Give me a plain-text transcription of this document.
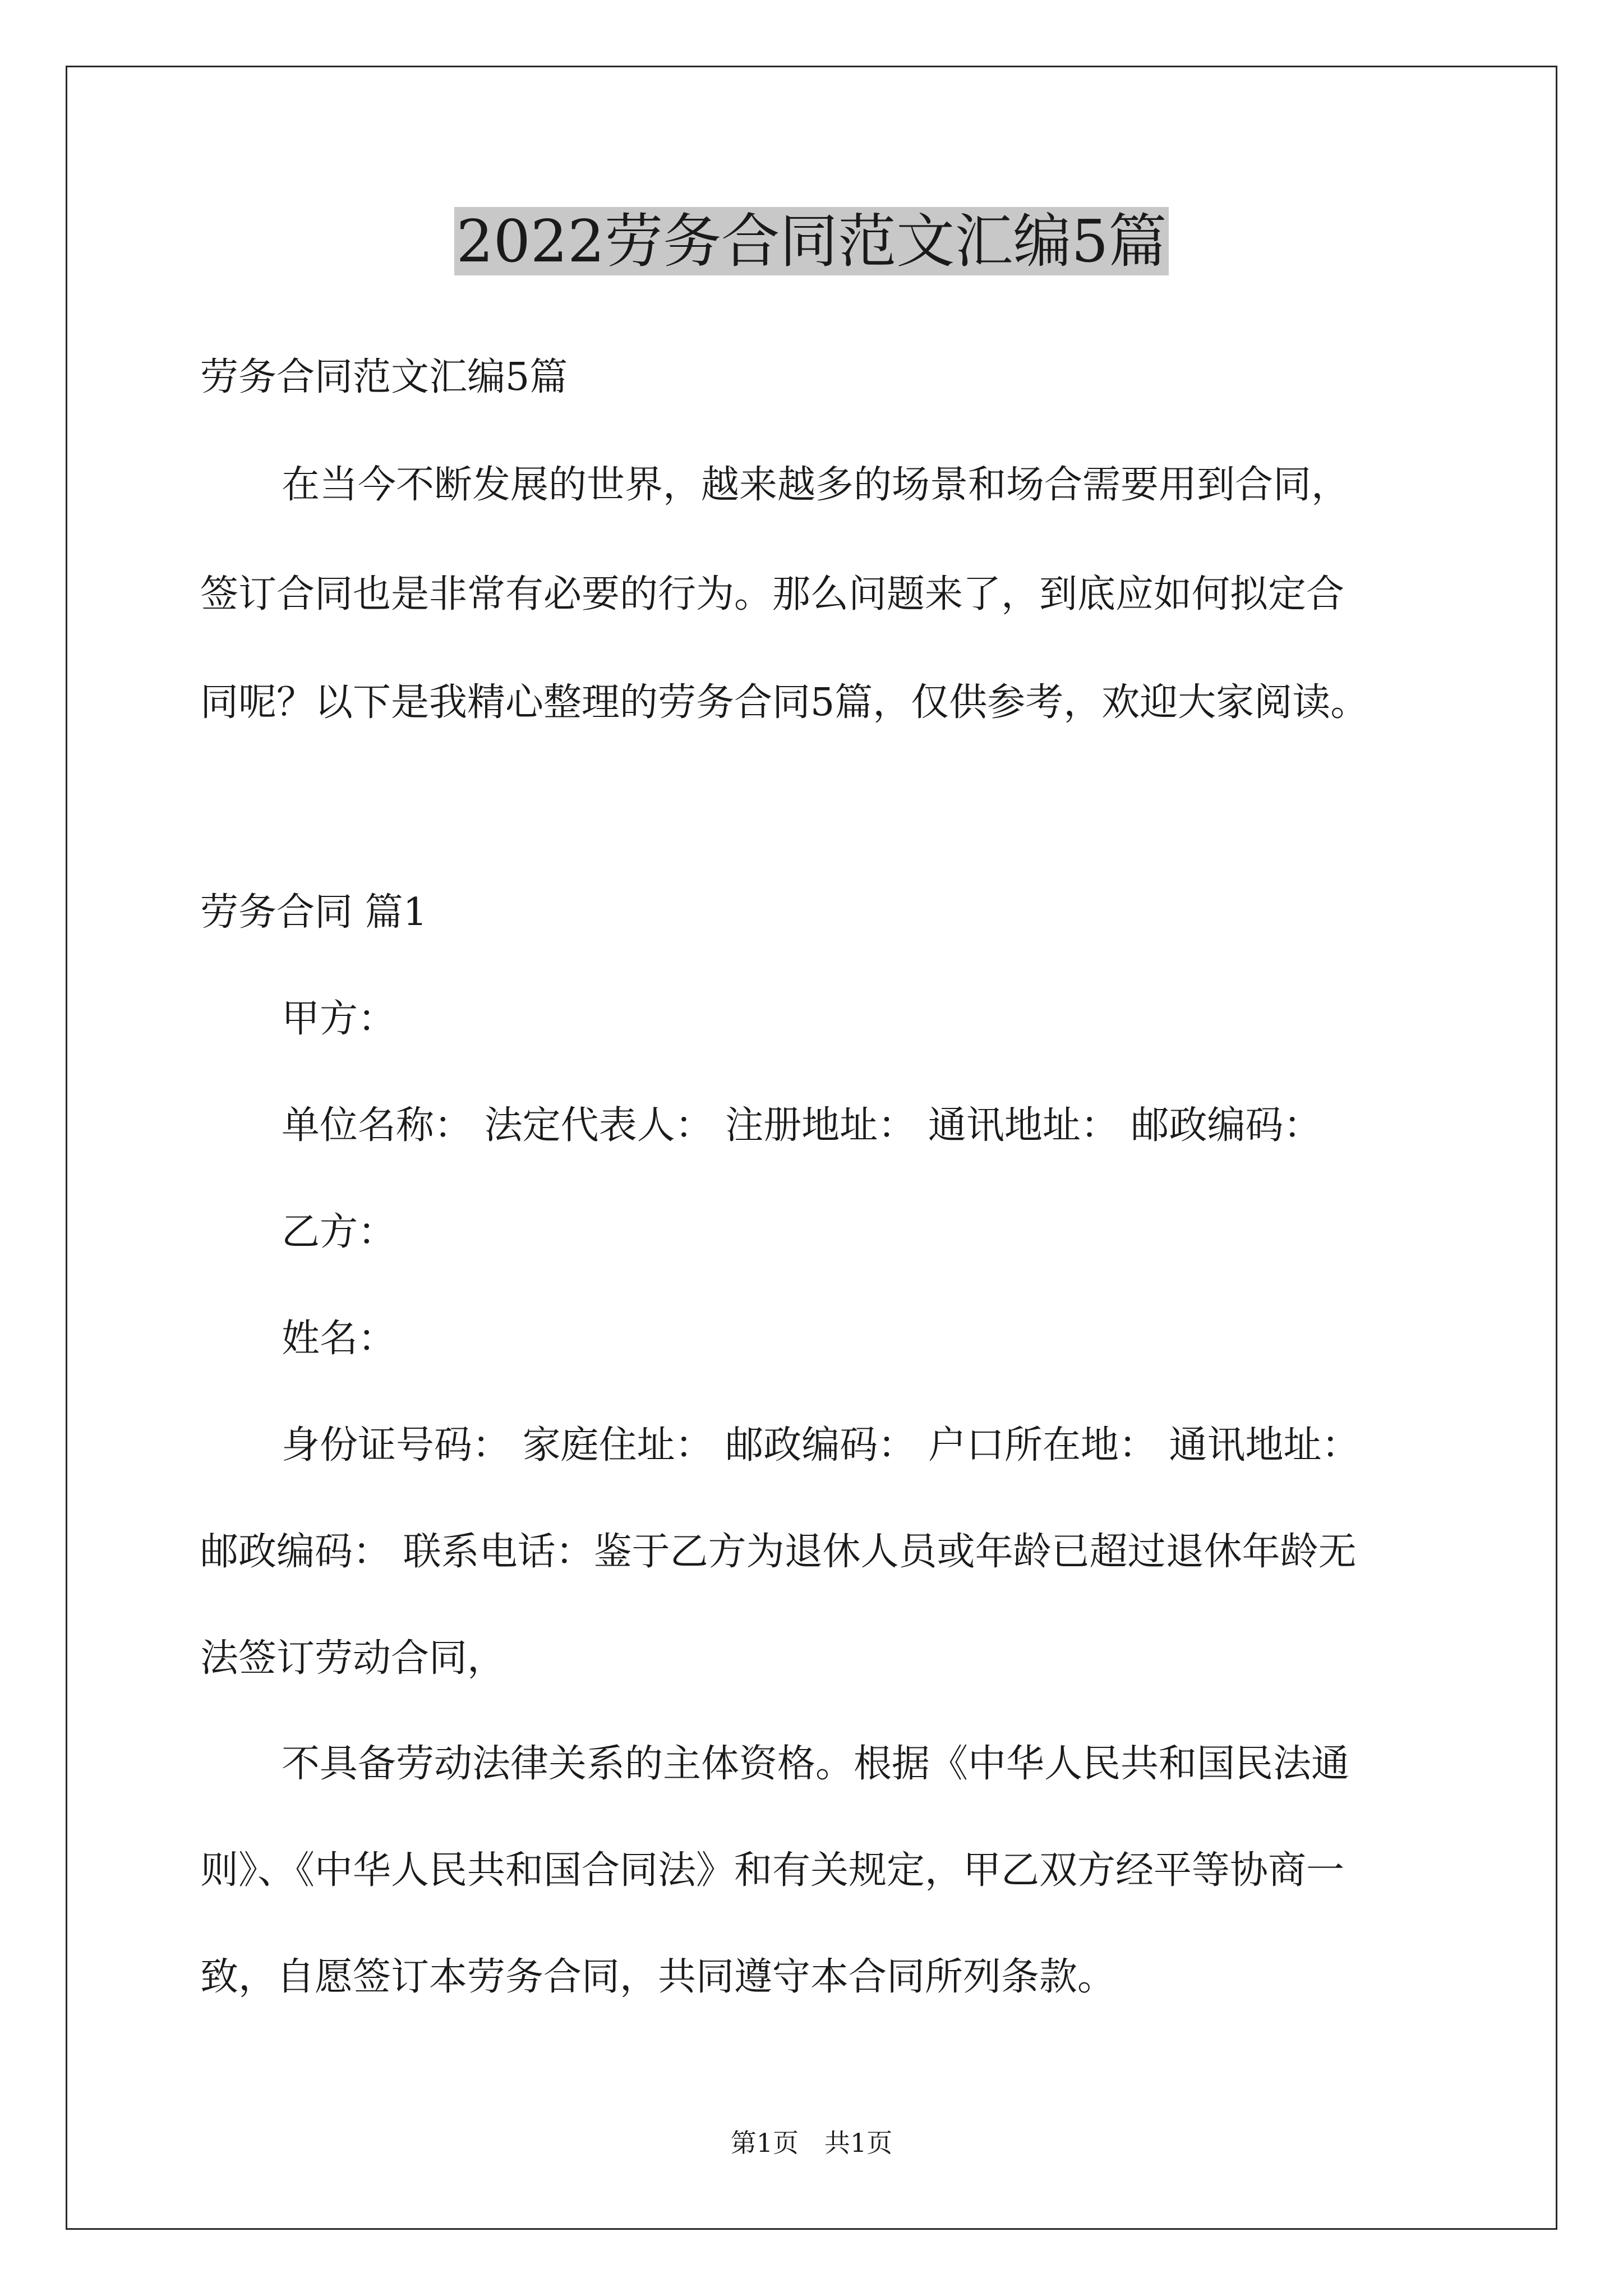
2022劳务合同范文汇编5篇

劳务合同范文汇编5篇

在当今不断发展的世界，越来越多的场景和场合需要用到合同，

签订合同也是非常有必要的行为。那么问题来了，到底应如何拟定合

同呢？以下是我精心整理的劳务合同5篇，仅供参考，欢迎大家阅读。

劳务合同 篇1

甲方：

单位名称： 法定代表人： 注册地址： 通讯地址： 邮政编码：

乙方：

姓名：

身份证号码： 家庭住址： 邮政编码： 户口所在地： 通讯地址：

邮政编码： 联系电话：鉴于乙方为退休人员或年龄已超过退休年龄无

法签订劳动合同，

不具备劳动法律关系的主体资格。根据《中华人民共和国民法通

则》、《中华人民共和国合同法》和有关规定，甲乙双方经平等协商一

致，自愿签订本劳务合同，共同遵守本合同所列条款。

第1页　共1页
